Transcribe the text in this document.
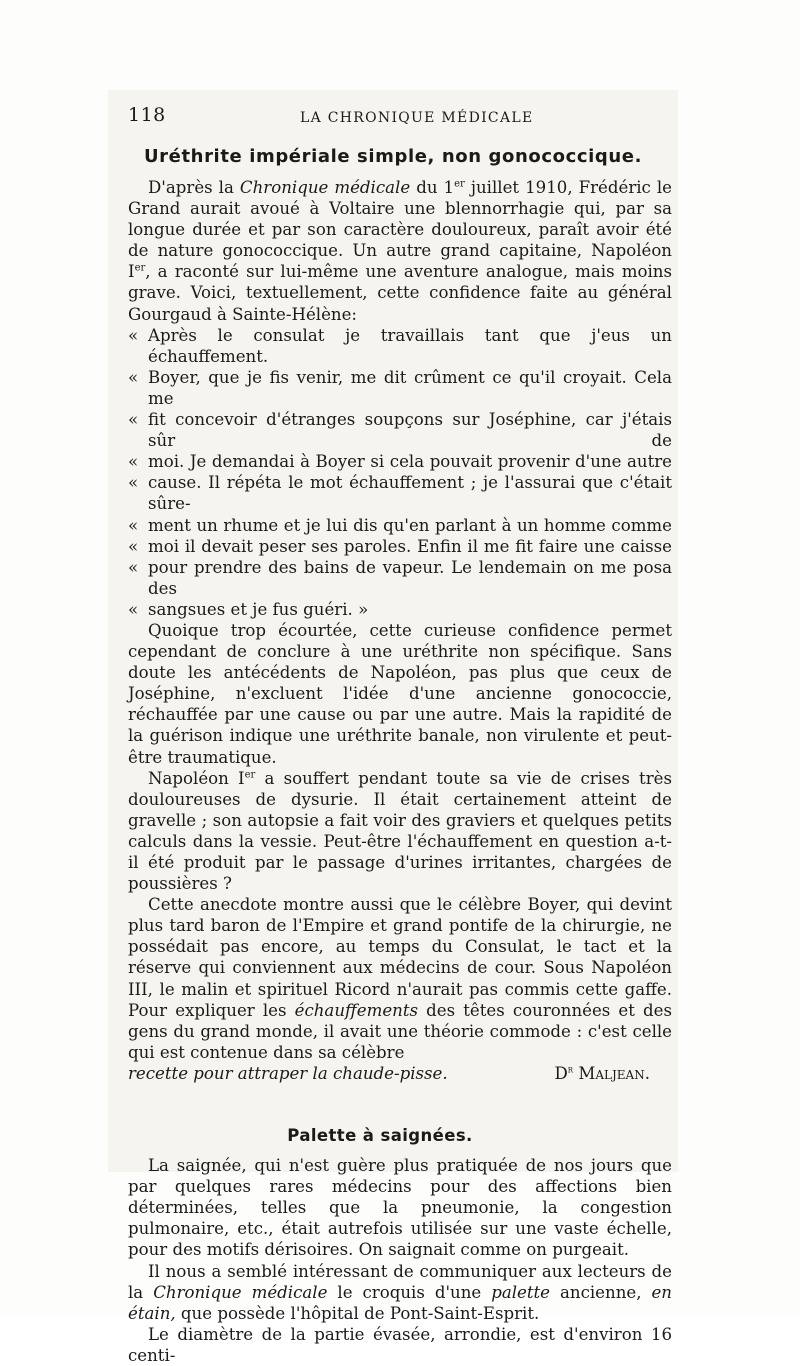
118	LA CHRONIQUE MÉDICALE
Uréthrite impériale simple, non gonococcique.

D'après la Chronique médicale du 1er juillet 1910, Frédéric le Grand aurait avoué à Voltaire une blennorrhagie qui, par sa longue durée et par son caractère douloureux, paraît avoir été de nature gonococcique. Un autre grand capitaine, Napoléon Ier, a raconté sur lui-même une aventure analogue, mais moins grave. Voici, textuellement, cette confidence faite au général Gourgaud à Sainte-Hélène:

« Après le consulat je travaillais tant que j'eus un échauffement.
« Boyer, que je fis venir, me dit crûment ce qu'il croyait. Cela me
« fit concevoir d'étranges soupçons sur Joséphine, car j'étais sûr de
« moi. Je demandai à Boyer si cela pouvait provenir d'une autre
« cause. Il répéta le mot échauffement ; je l'assurai que c'était sûre-
« ment un rhume et je lui dis qu'en parlant à un homme comme
« moi il devait peser ses paroles. Enfin il me fit faire une caisse
« pour prendre des bains de vapeur. Le lendemain on me posa des
« sangsues et je fus guéri. »

Quoique trop écourtée, cette curieuse confidence permet cependant de conclure à une uréthrite non spécifique. Sans doute les antécédents de Napoléon, pas plus que ceux de Joséphine, n'excluent l'idée d'une ancienne gonococcie, réchauffée par une cause ou par une autre. Mais la rapidité de la guérison indique une uréthrite banale, non virulente et peut-être traumatique.

Napoléon Ier a souffert pendant toute sa vie de crises très douloureuses de dysurie. Il était certainement atteint de gravelle ; son autopsie a fait voir des graviers et quelques petits calculs dans la vessie. Peut-être l'échauffement en question a-t-il été produit par le passage d'urines irritantes, chargées de poussières ?

Cette anecdote montre aussi que le célèbre Boyer, qui devint plus tard baron de l'Empire et grand pontife de la chirurgie, ne possédait pas encore, au temps du Consulat, le tact et la réserve qui conviennent aux médecins de cour. Sous Napoléon III, le malin et spirituel Ricord n'aurait pas commis cette gaffe. Pour expliquer les échauffements des têtes couronnées et des gens du grand monde, il avait une théorie commode : c'est celle qui est contenue dans sa célèbre

recette pour attraper la chaude-pisse.	$D^r$ Maljean.

Palette à saignées.

La saignée, qui n'est guère plus pratiquée de nos jours que par quelques rares médecins pour des affections bien déterminées, telles que la pneumonie, la congestion pulmonaire, etc., était autrefois utilisée sur une vaste échelle, pour des motifs dérisoires. On saignait comme on purgeait.

Il nous a semblé intéressant de communiquer aux lecteurs de la Chronique médicale le croquis d'une palette ancienne, en étain, que possède l'hôpital de Pont-Saint-Esprit.

Le diamètre de la partie évasée, arrondie, est d'environ 16 centi-
